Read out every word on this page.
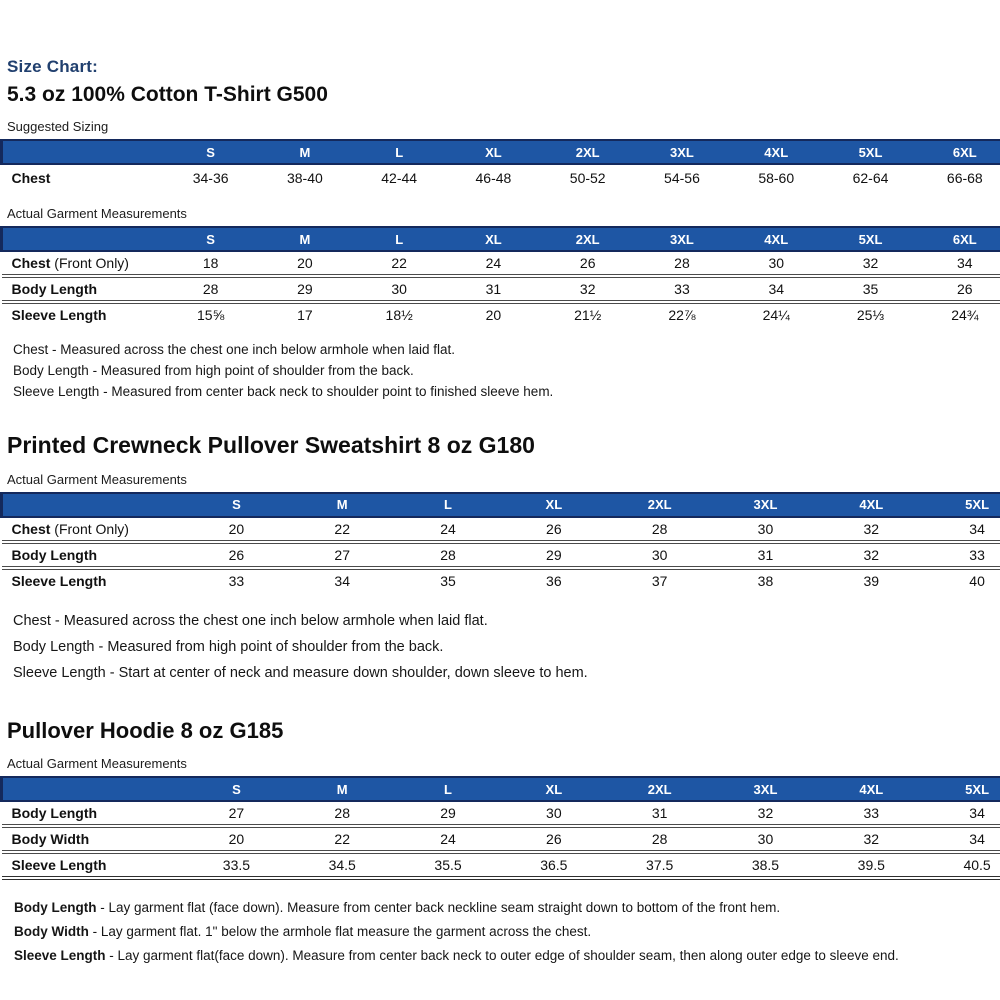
Size Chart:
5.3 oz 100% Cotton T-Shirt G500
Suggested Sizing
	S	M	L	XL	2XL	3XL	4XL	5XL	6XL
Chest	34-36	38-40	42-44	46-48	50-52	54-56	58-60	62-64	66-68
Actual Garment Measurements
	S	M	L	XL	2XL	3XL	4XL	5XL	6XL
Chest (Front Only)	18	20	22	24	26	28	30	32	34
Body Length	28	29	30	31	32	33	34	35	26
Sleeve Length	15⅝	17	18½	20	21½	22⅞	24¼	25⅓	24¾
Chest - Measured across the chest one inch below armhole when laid flat.
Body Length - Measured from high point of shoulder from the back.
Sleeve Length - Measured from center back neck to shoulder point to finished sleeve hem.
Printed Crewneck Pullover Sweatshirt 8 oz G180
Actual Garment Measurements
	S	M	L	XL	2XL	3XL	4XL	5XL
Chest (Front Only)	20	22	24	26	28	30	32	34
Body Length	26	27	28	29	30	31	32	33
Sleeve Length	33	34	35	36	37	38	39	40
Chest - Measured across the chest one inch below armhole when laid flat.
Body Length - Measured from high point of shoulder from the back.
Sleeve Length - Start at center of neck and measure down shoulder, down sleeve to hem.
Pullover Hoodie 8 oz G185
Actual Garment Measurements
	S	M	L	XL	2XL	3XL	4XL	5XL
Body Length	27	28	29	30	31	32	33	34
Body Width	20	22	24	26	28	30	32	34
Sleeve Length	33.5	34.5	35.5	36.5	37.5	38.5	39.5	40.5
Body Length - Lay garment flat (face down). Measure from center back neckline seam straight down to bottom of the front hem.
Body Width - Lay garment flat. 1" below the armhole flat measure the garment across the chest.
Sleeve Length - Lay garment flat(face down). Measure from center back neck to outer edge of shoulder seam, then along outer edge to sleeve end.
